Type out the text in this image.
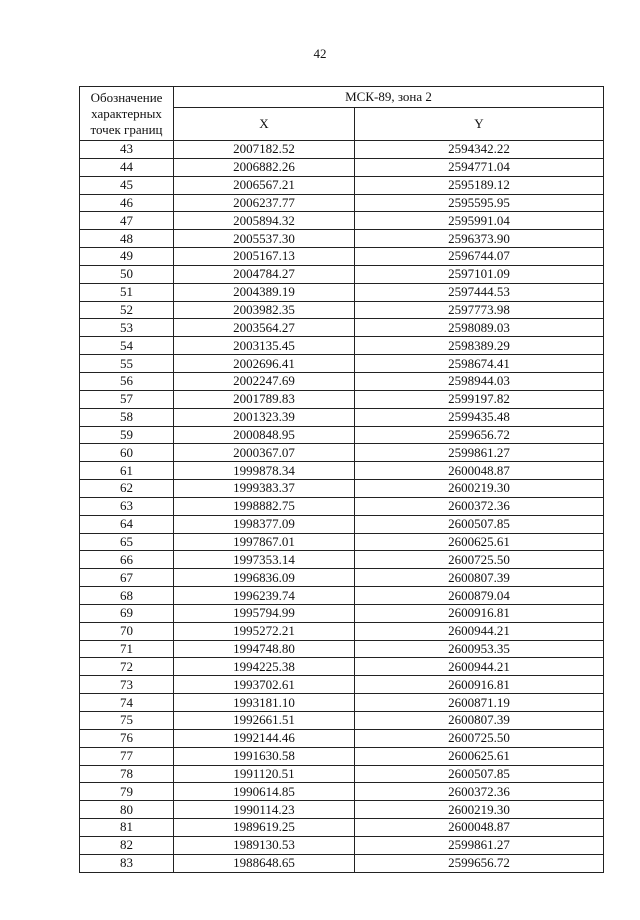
42
Обозначение
характерных
точек границ	МСК-89, зона 2	
	X	Y
43	2007182.52	2594342.22
44	2006882.26	2594771.04
45	2006567.21	2595189.12
46	2006237.77	2595595.95
47	2005894.32	2595991.04
48	2005537.30	2596373.90
49	2005167.13	2596744.07
50	2004784.27	2597101.09
51	2004389.19	2597444.53
52	2003982.35	2597773.98
53	2003564.27	2598089.03
54	2003135.45	2598389.29
55	2002696.41	2598674.41
56	2002247.69	2598944.03
57	2001789.83	2599197.82
58	2001323.39	2599435.48
59	2000848.95	2599656.72
60	2000367.07	2599861.27
61	1999878.34	2600048.87
62	1999383.37	2600219.30
63	1998882.75	2600372.36
64	1998377.09	2600507.85
65	1997867.01	2600625.61
66	1997353.14	2600725.50
67	1996836.09	2600807.39
68	1996239.74	2600879.04
69	1995794.99	2600916.81
70	1995272.21	2600944.21
71	1994748.80	2600953.35
72	1994225.38	2600944.21
73	1993702.61	2600916.81
74	1993181.10	2600871.19
75	1992661.51	2600807.39
76	1992144.46	2600725.50
77	1991630.58	2600625.61
78	1991120.51	2600507.85
79	1990614.85	2600372.36
80	1990114.23	2600219.30
81	1989619.25	2600048.87
82	1989130.53	2599861.27
83	1988648.65	2599656.72
